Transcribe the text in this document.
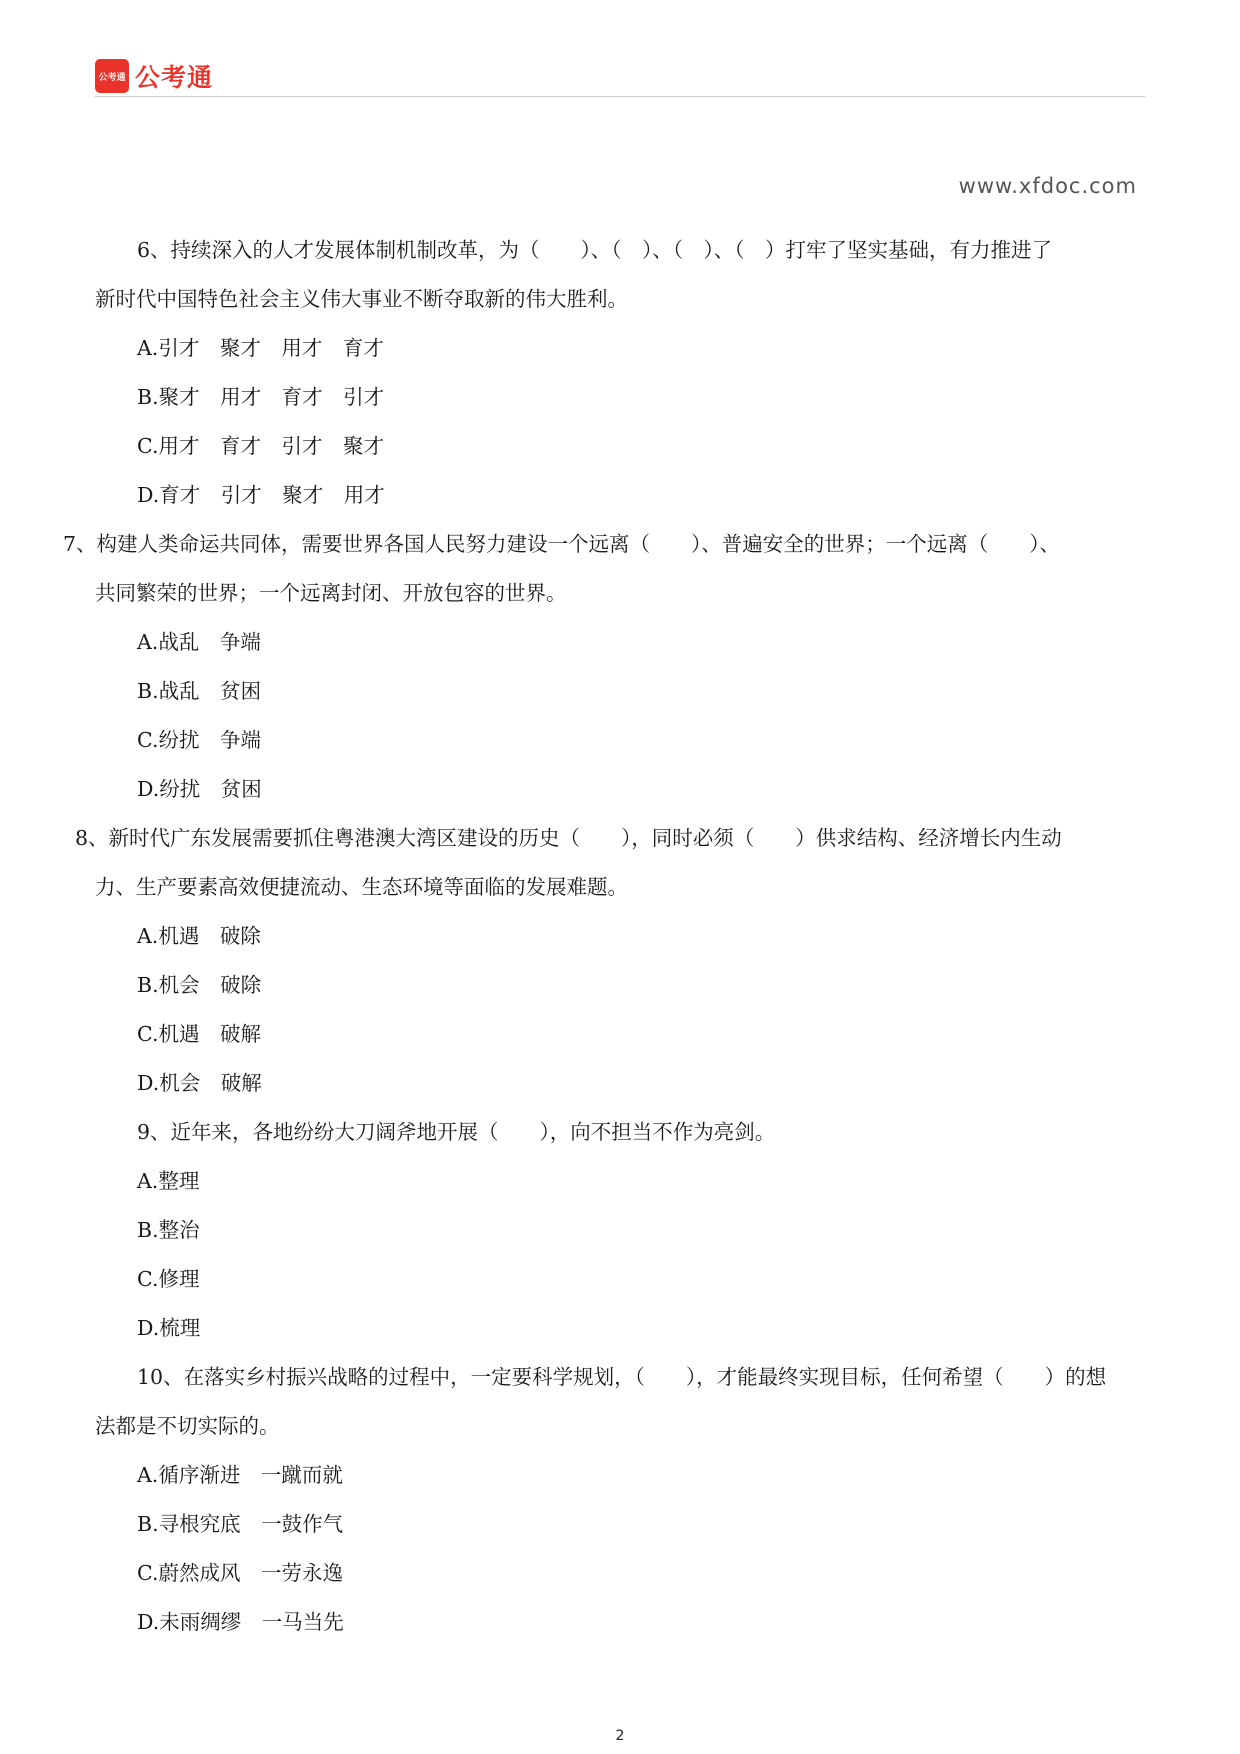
公考通 公考通
www.xfdoc.com
6、持续深入的人才发展体制机制改革，为（　　）、（　）、（　）、（　）打牢了坚实基础，有力推进了
新时代中国特色社会主义伟大事业不断夺取新的伟大胜利。
A.引才　聚才　用才　育才
B.聚才　用才　育才　引才
C.用才　育才　引才　聚才
D.育才　引才　聚才　用才
7、构建人类命运共同体，需要世界各国人民努力建设一个远离（　　）、普遍安全的世界；一个远离（　　）、
共同繁荣的世界；一个远离封闭、开放包容的世界。
A.战乱　争端
B.战乱　贫困
C.纷扰　争端
D.纷扰　贫困
8、新时代广东发展需要抓住粤港澳大湾区建设的历史（　　），同时必须（　　）供求结构、经济增长内生动
力、生产要素高效便捷流动、生态环境等面临的发展难题。
A.机遇　破除
B.机会　破除
C.机遇　破解
D.机会　破解
9、近年来，各地纷纷大刀阔斧地开展（　　），向不担当不作为亮剑。
A.整理
B.整治
C.修理
D.梳理
10、在落实乡村振兴战略的过程中，一定要科学规划，（　　），才能最终实现目标，任何希望（　　）的想
法都是不切实际的。
A.循序渐进　一蹴而就
B.寻根究底　一鼓作气
C.蔚然成风　一劳永逸
D.未雨绸缪　一马当先
2
